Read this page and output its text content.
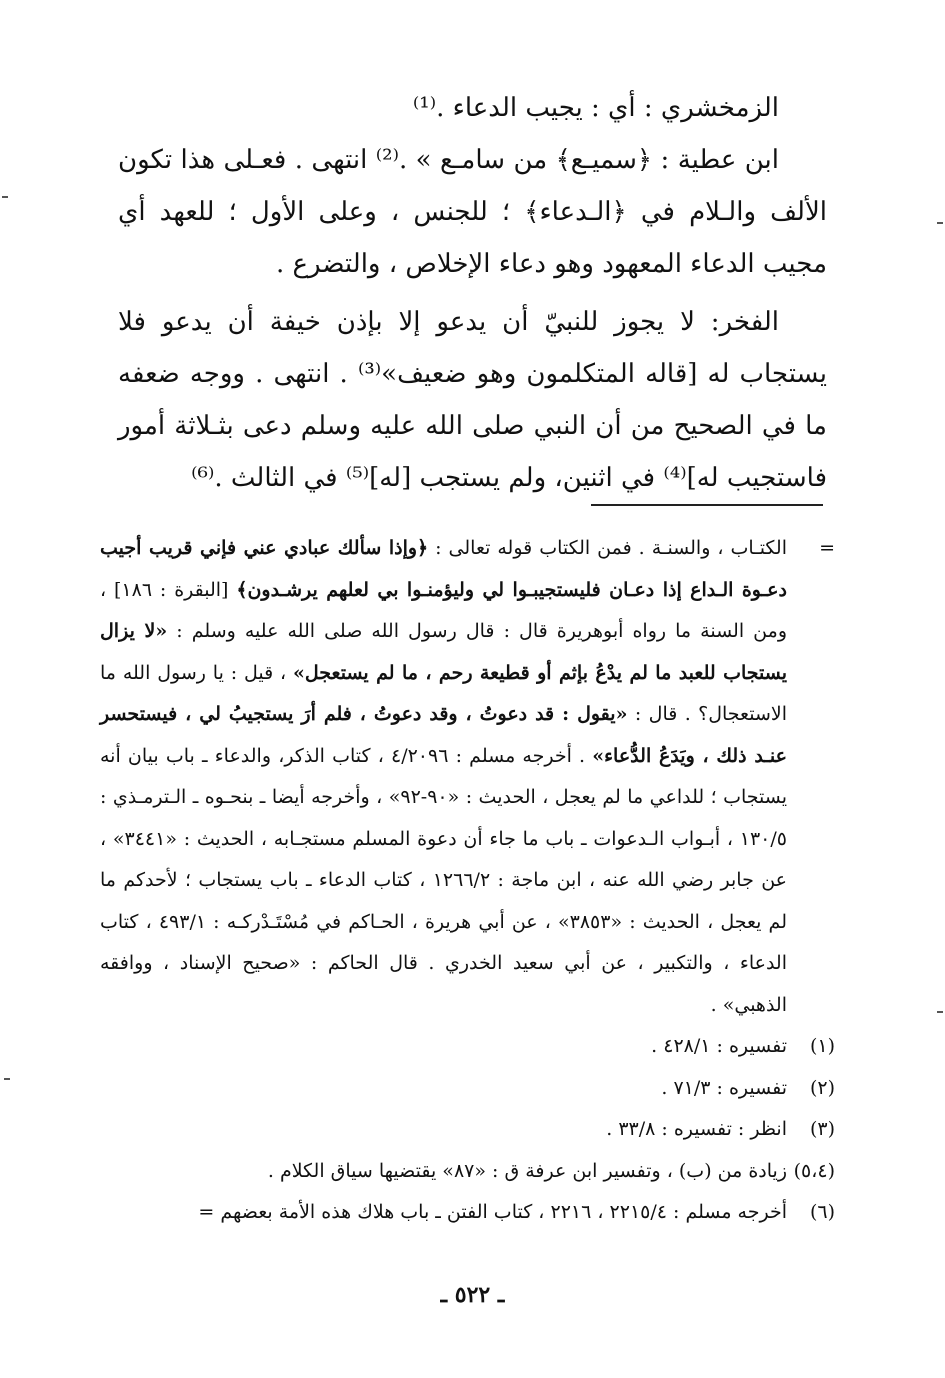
الزمخشري : أي : يجيب الدعاء .⁽¹⁾

ابن عطية : ﴿سميـع﴾ من سامـع » .⁽²⁾ انتهى . فعـلى هذا تكون الألف والـلام في ﴿الـدعاء﴾ ؛ للجنس ، وعلى الأول ؛ للعهد أي مجيب الدعاء المعهود وهو دعاء الإخلاص ، والتضرع .

الفخر: لا يجوز للنبيّ أن يدعو إلا بإذن خيفة أن يدعو فلا يستجاب له [قاله المتكلمون وهو ضعيف»⁽³⁾ . انتهى . ووجه ضعفه ما في الصحيح من أن النبي صلى الله عليه وسلم دعى بثـلاثة أمور فاستجيب له]⁽⁴⁾ في اثنين، ولم يستجب [له]⁽⁵⁾ في الثالث .⁽⁶⁾

=
الكتـاب ، والسنـة . فمن الكتاب قوله تعالى : ﴿وإذا سألك عبادي عني فإني قريب أجيب دعـوة الـداع إذا دعـان فليستجيبـوا لي وليؤمنـوا بي لعلهم يرشـدون﴾ [البقرة : ١٨٦] ، ومن السنة ما رواه أبوهريرة قال : قال رسول الله صلى الله عليه وسلم : «لا يزال يستجاب للعبد ما لم يدْعُ بإثم أو قطيعة رحم ، ما لم يستعجل» ، قيل : يا رسول الله ما الاستعجال؟ . قال : «يقول : قد دعوتُ ، وقد دعوتُ ، فلم أرَ يستجيبُ لي ، فيستحسر عنـد ذلك ، ويَدَعُ الدُّعاء» . أخرجه مسلم : ٤/٢٠٩٦ ، كتاب الذكر، والدعاء ـ باب بيان أنه يستجاب ؛ للداعي ما لم يعجل ، الحديث : «٩٠-٩٢» ، وأخرجه أيضا ـ بنحـوه ـ الـترمـذي : ١٣٠/٥ ، أبـواب الـدعوات ـ باب ما جاء أن دعوة المسلم مستجـابه ، الحديث : «٣٤٤١» ، عن جابر رضي الله عنه ، ابن ماجة : ١٢٦٦/٢ ، كتاب الدعاء ـ باب يستجاب ؛ لأحدكم ما لم يعجل ، الحديث : «٣٨٥٣» ، عن أبي هريرة ، الحـاكم في مُسْتَـدْركـه : ٤٩٣/١ ، كتاب الدعاء ، والتكبير ، عن أبي سعيد الخدري . قال الحاكم : «صحيح الإسناد ، ووافقه الذهبي» .

(١)
تفسيره : ٤٢٨/١ .

(٢)
تفسيره : ٧١/٣ .

(٣)
انظر : تفسيره : ٣٣/٨ .

(٥،٤)
زيادة من (ب) ، وتفسير ابن عرفة ق : «٨٧» يقتضيها سياق الكلام .

(٦)
أخرجه مسلم : ٢٢١٥/٤ ، ٢٢١٦ ، كتاب الفتن ـ باب هلاك هذه الأمة بعضهم =

ـ ٥٢٢ ـ
